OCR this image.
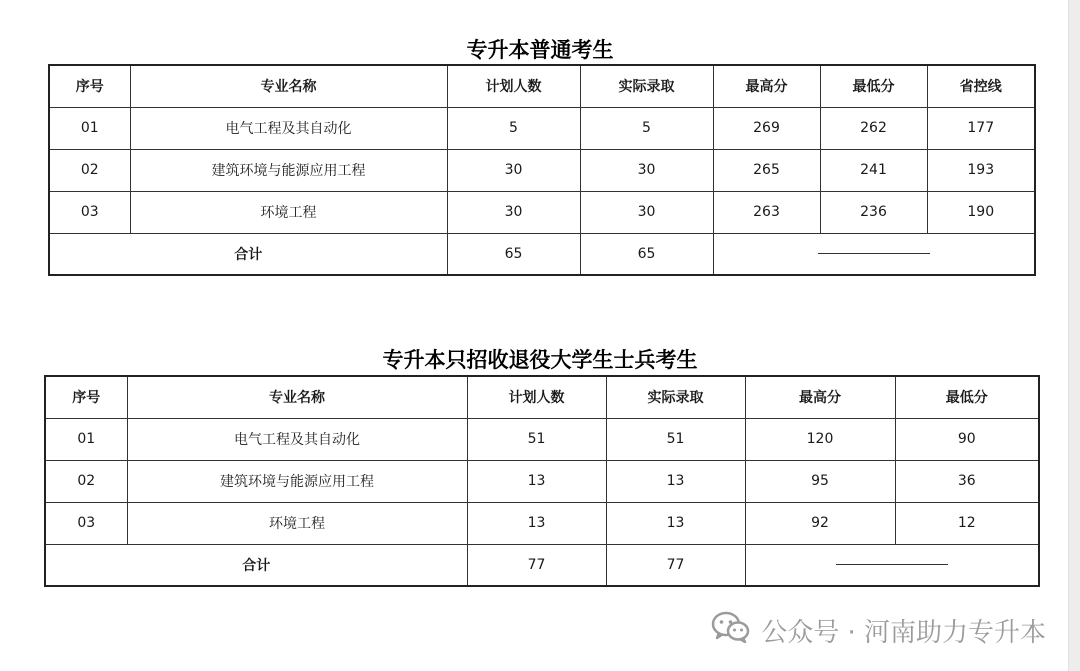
专升本普通考生
序号	专业名称	计划人数	实际录取	最高分	最低分	省控线
01	电气工程及其自动化	5	5	269	262	177
02	建筑环境与能源应用工程	30	30	265	241	193
03	环境工程	30	30	263	236	190
合计		65	65			
专升本只招收退役大学生士兵考生
序号	专业名称	计划人数	实际录取	最高分	最低分
01	电气工程及其自动化	51	51	120	90
02	建筑环境与能源应用工程	13	13	95	36
03	环境工程	13	13	92	12
合计		77	77		
公众号 · 河南助力专升本
